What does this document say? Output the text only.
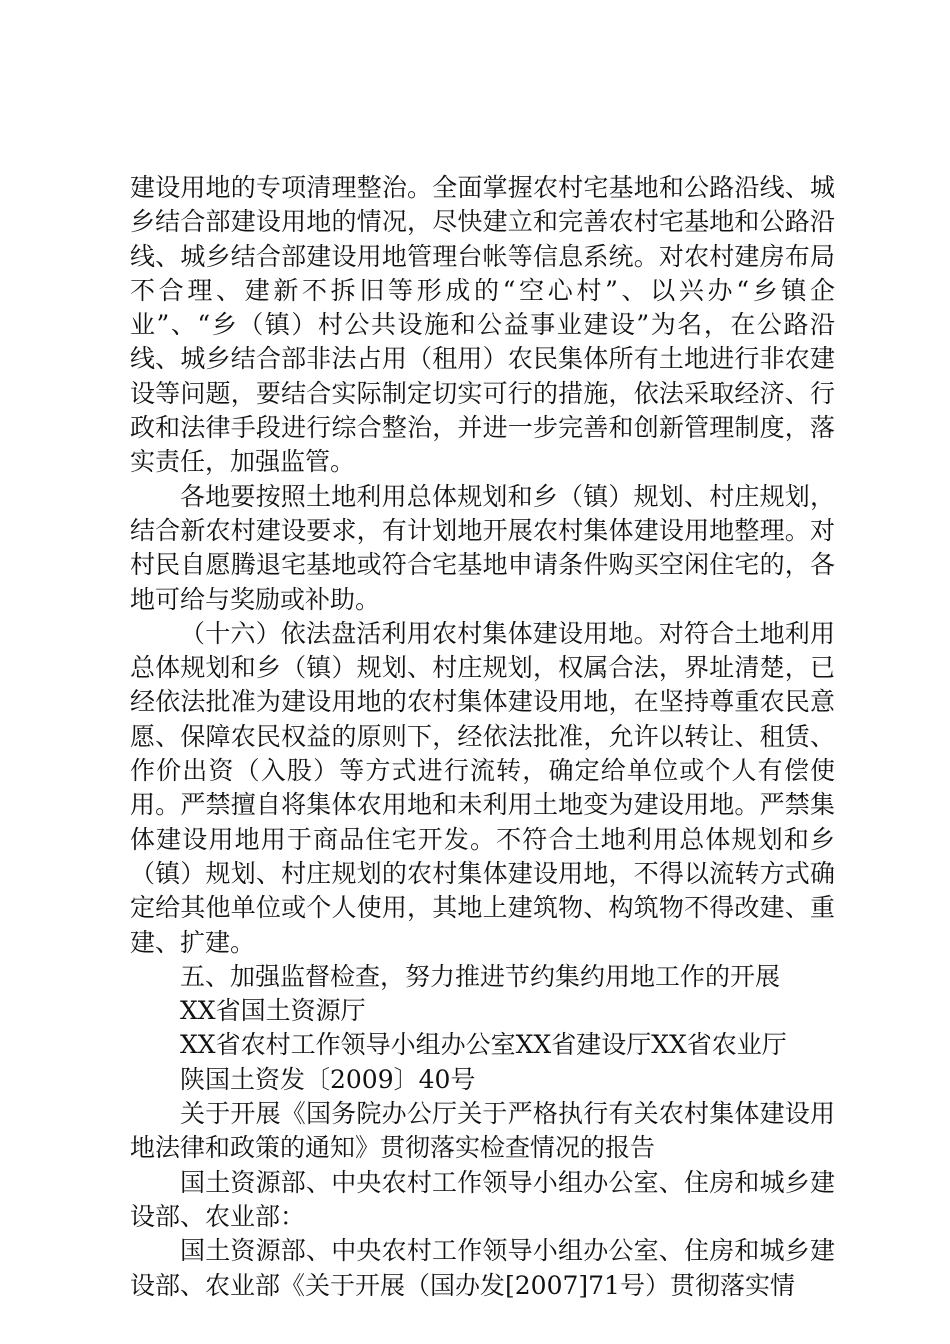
建设用地的专项清理整治。全面掌握农村宅基地和公路沿线、城乡结合部建设用地的情况，尽快建立和完善农村宅基地和公路沿线、城乡结合部建设用地管理台帐等信息系统。对农村建房布局不合理、建新不拆旧等形成的“空心村”、以兴办“乡镇企业”、“乡（镇）村公共设施和公益事业建设”为名，在公路沿线、城乡结合部非法占用（租用）农民集体所有土地进行非农建设等问题，要结合实际制定切实可行的措施，依法采取经济、行政和法律手段进行综合整治，并进一步完善和创新管理制度，落实责任，加强监管。

各地要按照土地利用总体规划和乡（镇）规划、村庄规划，结合新农村建设要求，有计划地开展农村集体建设用地整理。对村民自愿腾退宅基地或符合宅基地申请条件购买空闲住宅的，各地可给与奖励或补助。

（十六）依法盘活利用农村集体建设用地。对符合土地利用总体规划和乡（镇）规划、村庄规划，权属合法，界址清楚，已经依法批准为建设用地的农村集体建设用地，在坚持尊重农民意愿、保障农民权益的原则下，经依法批准，允许以转让、租赁、作价出资（入股）等方式进行流转，确定给单位或个人有偿使用。严禁擅自将集体农用地和未利用土地变为建设用地。严禁集体建设用地用于商品住宅开发。不符合土地利用总体规划和乡（镇）规划、村庄规划的农村集体建设用地，不得以流转方式确定给其他单位或个人使用，其地上建筑物、构筑物不得改建、重建、扩建。

五、加强监督检查，努力推进节约集约用地工作的开展

XX省国土资源厅

XX省农村工作领导小组办公室XX省建设厅XX省农业厅

陕国土资发〔2009〕40号

关于开展《国务院办公厅关于严格执行有关农村集体建设用地法律和政策的通知》贯彻落实检查情况的报告

国土资源部、中央农村工作领导小组办公室、住房和城乡建设部、农业部：

国土资源部、中央农村工作领导小组办公室、住房和城乡建设部、农业部《关于开展（国办发[2007]71号）贯彻落实情
